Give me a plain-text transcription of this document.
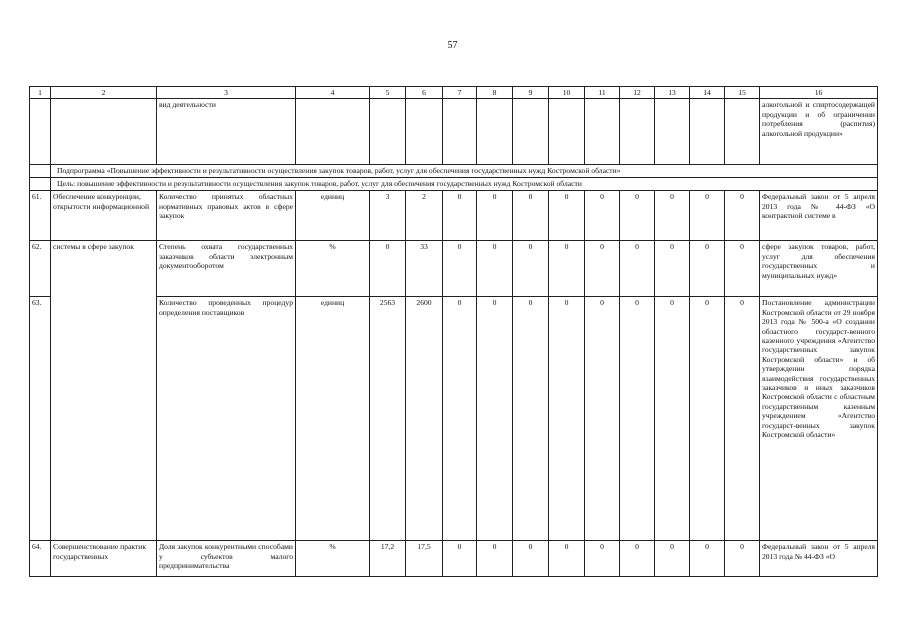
57
1	2	3	4	5	6	7	8	9	10	11	12	13	14	15	16
		вид деятельности													алкогольной и спиртосодержащей продукции и об ограничении потребления (распития) алкогольной продукции»
	Подпрограмма «Повышение эффективности и результативности осуществления закупок товаров, работ, услуг для обеспечения государственных нужд Костромской области»														
	Цель: повышение эффективности и результативности осуществления закупок товаров, работ, услуг для обеспечения государственных нужд Костромской области														
61.	Обеспечение конкуренции, открытости информационной	Количество принятых областных нормативных правовых актов в сфере закупок	единиц	3	2	0	0	0	0	0	0	0	0	0	Федеральный закон от 5 апреля 2013 года № 44-ФЗ «О контрактной системе в
62.	системы в сфере закупок	Степень охвата государственных заказчиков области электронным документооборотом	%	0	33	0	0	0	0	0	0	0	0	0	сфере закупок товаров, работ, услуг для обеспечения государственных и муниципальных нужд»
63.		Количество проведенных процедур определения поставщиков	единиц	2563	2600	0	0	0	0	0	0	0	0	0	Постановление администрации Костромской области от 29 ноября 2013 года № 500-а «О создании областного государст-венного казенного учреждения «Агентство государственных закупок Костромской области» и об утверждении порядка взаимодействия государственных заказчиков и иных заказчиков Костромской области с областным государственным казенным учреждением «Агентство государст-венных закупок Костромской области»
64.	Совершенствование практик государственных	Доля закупок конкурентными способами у субъектов малого предпринимательства	%	17,2	17,5	0	0	0	0	0	0	0	0	0	Федеральный закон от 5 апреля 2013 года № 44-ФЗ «О
